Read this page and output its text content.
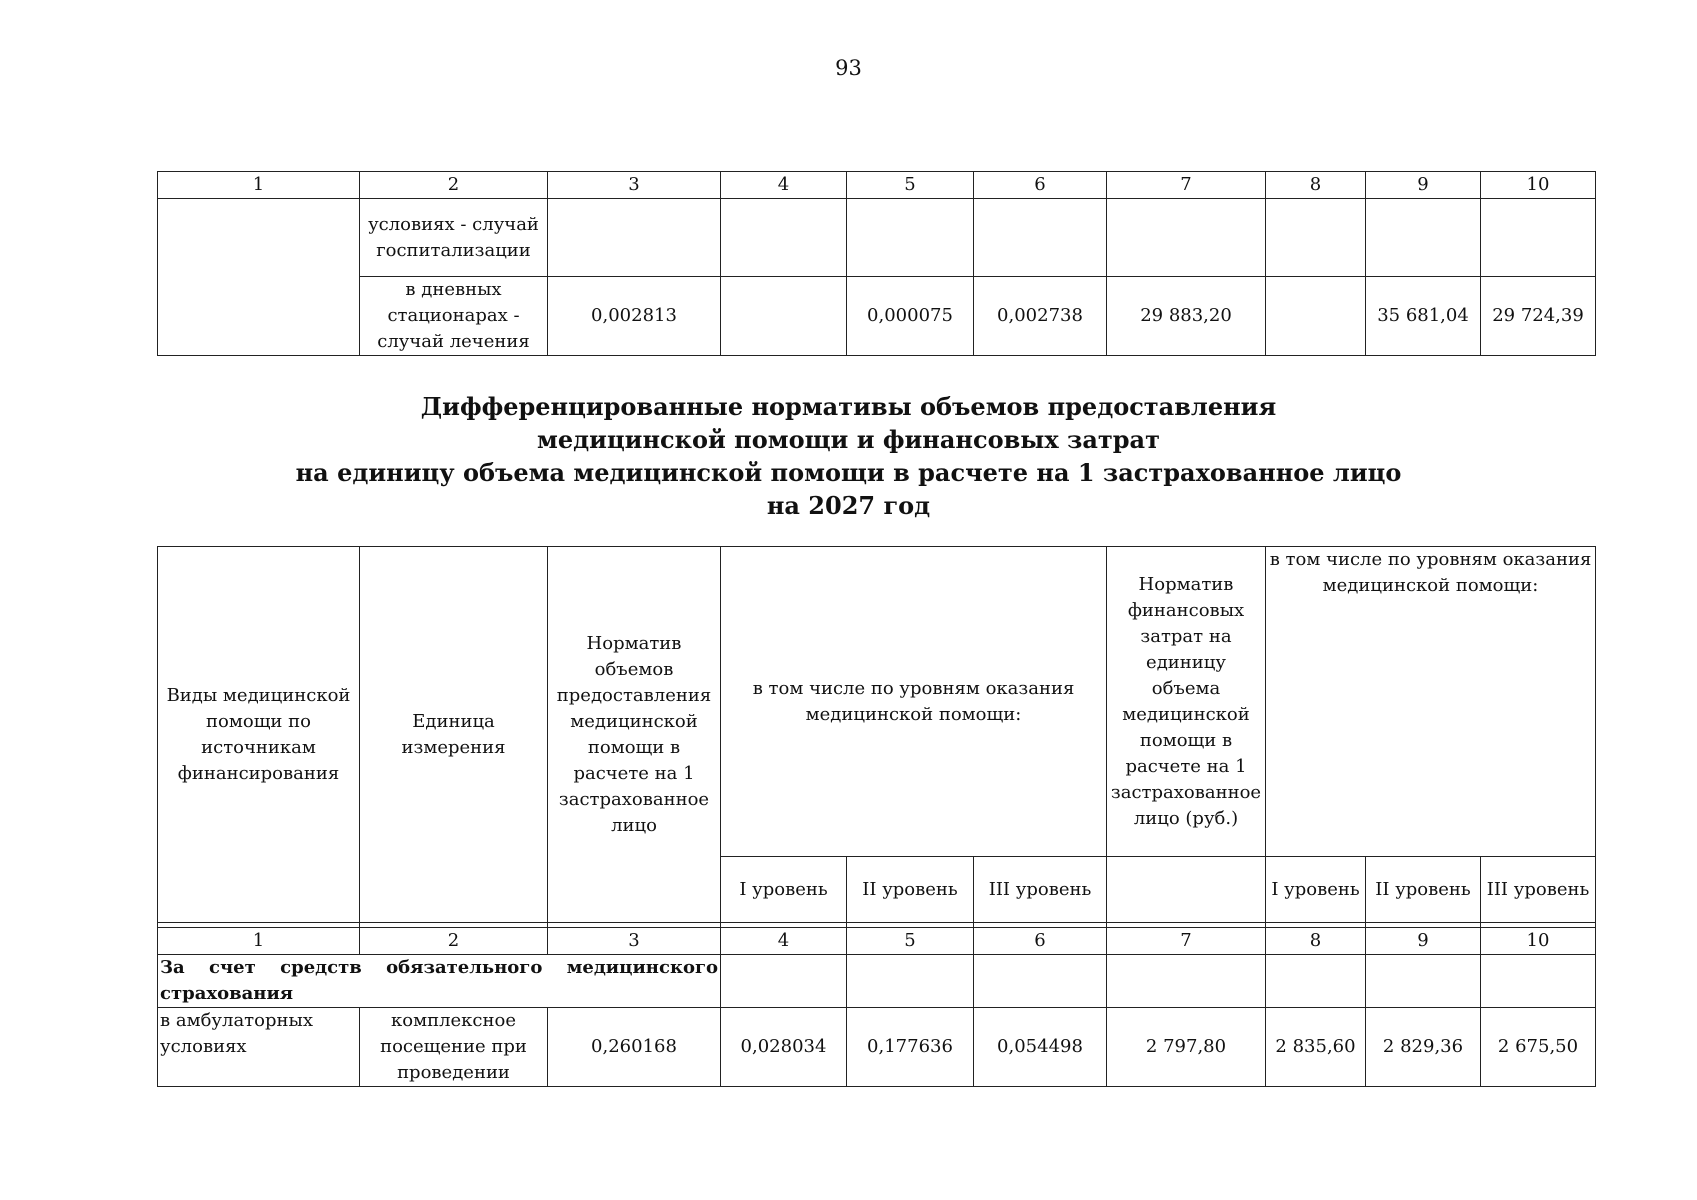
93
1	2	3	4	5	6	7	8	9	10
	условиях - случай госпитализации								
	в дневных стационарах - случай лечения	0,002813		0,000075	0,002738	29 883,20		35 681,04	29 724,39
Дифференцированные нормативы объемов предоставления
медицинской помощи и финансовых затрат
на единицу объема медицинской помощи в расчете на 1 застрахованное лицо
на 2027 год
Виды медицинской помощи по источникам финансирования	Единица измерения	Норматив объемов предоставления медицинской помощи в расчете на 1 застрахованное лицо	в том числе по уровням оказания медицинской помощи:			Норматив финансовых затрат на единицу объема медицинской помощи в расчете на 1 застрахованное лицо (руб.)	в том числе по уровням оказания медицинской помощи:		
			I уровень	II уровень	III уровень		I уровень	II уровень	III уровень

1	2	3	4	5	6	7	8	9	10

За счет средств обязательного медицинского
страхования									

в амбулаторных условиях	комплексное посещение при проведении	0,260168	0,028034	0,177636	0,054498	2 797,80	2 835,60	2 829,36	2 675,50
